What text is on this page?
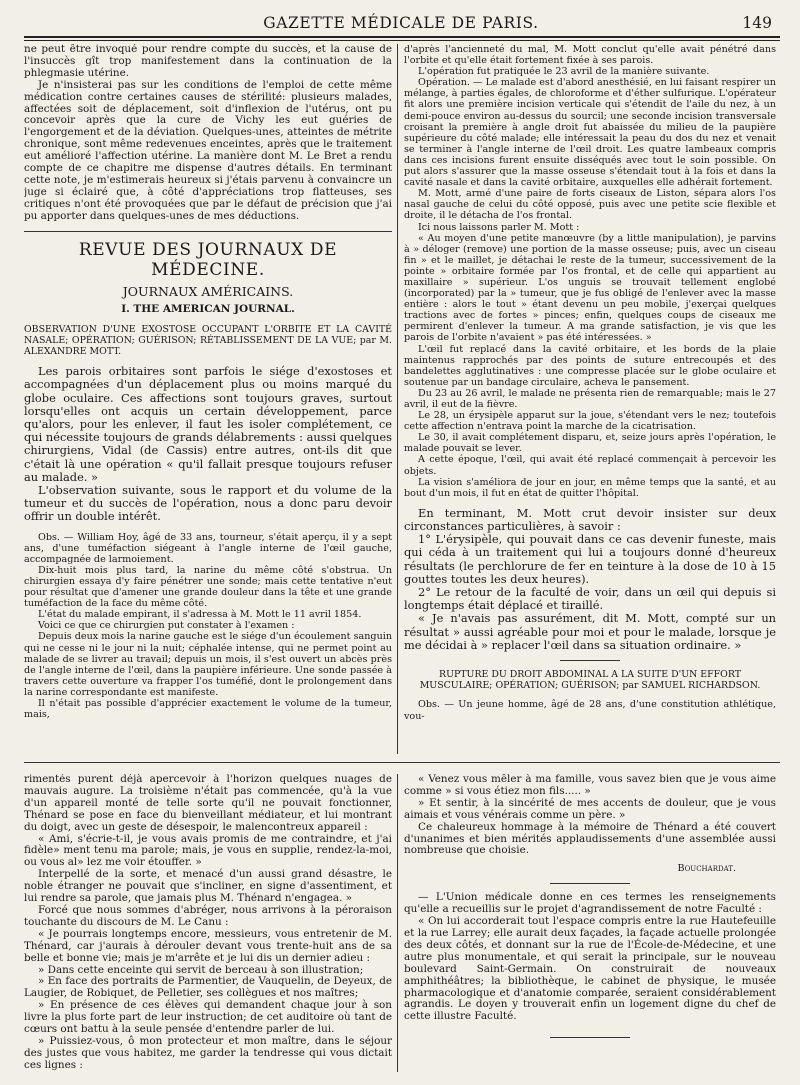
GAZETTE MÉDICALE DE PARIS.	149

ne peut être invoqué pour rendre compte du succès, et la cause de l'insuccès gît trop manifestement dans la continuation de la phlegmasie utérine.

Je n'insisterai pas sur les conditions de l'emploi de cette même médication contre certaines causes de stérilité: plusieurs malades, affectées soit de déplacement, soit d'inflexion de l'utérus, ont pu concevoir après que la cure de Vichy les eut guéries de l'engorgement et de la déviation. Quelques-unes, atteintes de métrite chronique, sont même redevenues enceintes, après que le traitement eut amélioré l'affection utérine. La manière dont M. Le Bret a rendu compte de ce chapitre me dispense d'autres détails. En terminant cette note, je m'estimerais heureux si j'étais parvenu à convaincre un juge si éclairé que, à côté d'appréciations trop flatteuses, ses critiques n'ont été provoquées que par le défaut de précision que j'ai pu apporter dans quelques-unes de mes déductions.

REVUE DES JOURNAUX DE MÉDECINE.
JOURNAUX AMÉRICAINS.
I. THE AMERICAN JOURNAL.
OBSERVATION D'UNE EXOSTOSE OCCUPANT L'ORBITE ET LA CAVITÉ NASALE; OPÉRATION; GUÉRISON; RÉTABLISSEMENT DE LA VUE; par M. ALEXANDRE MOTT.

Les parois orbitaires sont parfois le siége d'exostoses et accompagnées d'un déplacement plus ou moins marqué du globe oculaire. Ces affections sont toujours graves, surtout lorsqu'elles ont acquis un certain développement, parce qu'alors, pour les enlever, il faut les isoler complétement, ce qui nécessite toujours de grands délabrements : aussi quelques chirurgiens, Vidal (de Cassis) entre autres, ont-ils dit que c'était là une opération « qu'il fallait presque toujours refuser au malade. »

L'observation suivante, sous le rapport et du volume de la tumeur et du succès de l'opération, nous a donc paru devoir offrir un double intérêt.

Obs. — William Hoy, âgé de 33 ans, tourneur, s'était aperçu, il y a sept ans, d'une tuméfaction siégeant à l'angle interne de l'œil gauche, accompagnée de larmoiement.

Dix-huit mois plus tard, la narine du même côté s'obstrua. Un chirurgien essaya d'y faire pénétrer une sonde; mais cette tentative n'eut pour résultat que d'amener une grande douleur dans la tête et une grande tuméfaction de la face du même côté.

L'état du malade empirant, il s'adressa à M. Mott le 11 avril 1854.

Voici ce que ce chirurgien put constater à l'examen :

Depuis deux mois la narine gauche est le siége d'un écoulement sanguin qui ne cesse ni le jour ni la nuit; céphalée intense, qui ne permet point au malade de se livrer au travail; depuis un mois, il s'est ouvert un abcès près de l'angle interne de l'œil, dans la paupière inférieure. Une sonde passée à travers cette ouverture va frapper l'os tuméfié, dont le prolongement dans la narine correspondante est manifeste.

Il n'était pas possible d'apprécier exactement le volume de la tumeur, mais,

d'après l'ancienneté du mal, M. Mott conclut qu'elle avait pénétré dans l'orbite et qu'elle était fortement fixée à ses parois.

L'opération fut pratiquée le 23 avril de la manière suivante.

Opération. — Le malade est d'abord anesthésié, en lui faisant respirer un mélange, à parties égales, de chloroforme et d'éther sulfurique. L'opérateur fit alors une première incision verticale qui s'étendit de l'aile du nez, à un demi-pouce environ au-dessus du sourcil; une seconde incision transversale croisant la première à angle droit fut abaissée du milieu de la paupière supérieure du côté malade; elle intéressait la peau du dos du nez et venait se terminer à l'angle interne de l'œil droit. Les quatre lambeaux compris dans ces incisions furent ensuite disséqués avec tout le soin possible. On put alors s'assurer que la masse osseuse s'étendait tout à la fois et dans la cavité nasale et dans la cavité orbitaire, auxquelles elle adhérait fortement.

M. Mott, armé d'une paire de forts ciseaux de Liston, sépara alors l'os nasal gauche de celui du côté opposé, puis avec une petite scie flexible et droite, il le détacha de l'os frontal.

Ici nous laissons parler M. Mott :

« Au moyen d'une petite manœuvre (by a little manipulation), je parvins à » déloger (remove) une portion de la masse osseuse; puis, avec un ciseau fin » et le maillet, je détachai le reste de la tumeur, successivement de la pointe » orbitaire formée par l'os frontal, et de celle qui appartient au maxillaire » supérieur. L'os unguis se trouvait tellement englobé (incorporated) par la » tumeur, que je fus obligé de l'enlever avec la masse entière : alors le tout » étant devenu un peu mobile, j'exerçai quelques tractions avec de fortes » pinces; enfin, quelques coups de ciseaux me permirent d'enlever la tumeur. A ma grande satisfaction, je vis que les parois de l'orbite n'avaient » pas été intéressées. »

L'œil fut replacé dans la cavité orbitaire, et les bords de la plaie maintenus rapprochés par des points de suture entrecoupés et des bandelettes agglutinatives : une compresse placée sur le globe oculaire et soutenue par un bandage circulaire, acheva le pansement.

Du 23 au 26 avril, le malade ne présenta rien de remarquable; mais le 27 avril, il eut de la fièvre.

Le 28, un érysipèle apparut sur la joue, s'étendant vers le nez; toutefois cette affection n'entrava point la marche de la cicatrisation.

Le 30, il avait complétement disparu, et, seize jours après l'opération, le malade pouvait se lever.

A cette époque, l'œil, qui avait été replacé commençait à percevoir les objets.

La vision s'améliora de jour en jour, en même temps que la santé, et au bout d'un mois, il fut en état de quitter l'hôpital.

En terminant, M. Mott crut devoir insister sur deux circonstances particulières, à savoir :

1° L'érysipèle, qui pouvait dans ce cas devenir funeste, mais qui céda à un traitement qui lui a toujours donné d'heureux résultats (le perchlorure de fer en teinture à la dose de 10 à 15 gouttes toutes les deux heures).

2° Le retour de la faculté de voir, dans un œil qui depuis si longtemps était déplacé et tiraillé.

« Je n'avais pas assurément, dit M. Mott, compté sur un résultat » aussi agréable pour moi et pour le malade, lorsque je me décidai à » replacer l'œil dans sa situation ordinaire. »

RUPTURE DU DROIT ABDOMINAL A LA SUITE D'UN EFFORT MUSCULAIRE; OPÉRATION; GUÉRISON; par SAMUEL RICHARDSON.

Obs. — Un jeune homme, âgé de 28 ans, d'une constitution athlétique, vou-

rimentés purent déjà apercevoir à l'horizon quelques nuages de mauvais augure. La troisième n'était pas commencée, qu'à la vue d'un appareil monté de telle sorte qu'il ne pouvait fonctionner, Thénard se pose en face du bienveillant médiateur, et lui montrant du doigt, avec un geste de désespoir, le malencontreux appareil :

« Ami, s'écrie-t-il, je vous avais promis de me contraindre, et j'ai fidèle» ment tenu ma parole; mais, je vous en supplie, rendez-la-moi, ou vous al» lez me voir étouffer. »

Interpellé de la sorte, et menacé d'un aussi grand désastre, le noble étranger ne pouvait que s'incliner, en signe d'assentiment, et lui rendre sa parole, que jamais plus M. Thénard n'engagea. »

Forcé que nous sommes d'abréger, nous arrivons à la péroraison touchante du discours de M. Le Canu :

« Je pourrais longtemps encore, messieurs, vous entretenir de M. Thénard, car j'aurais à dérouler devant vous trente-huit ans de sa belle et bonne vie; mais je m'arrête et je lui dis un dernier adieu :

» Dans cette enceinte qui servit de berceau à son illustration;

» En face des portraits de Parmentier, de Vauquelin, de Deyeux, de Laugier, de Robiquet, de Pelletier, ses collègues et nos maîtres;

» En présence de ces élèves qui demandent chaque jour à son livre la plus forte part de leur instruction; de cet auditoire où tant de cœurs ont battu à la seule pensée d'entendre parler de lui.

» Puissiez-vous, ô mon protecteur et mon maître, dans le séjour des justes que vous habitez, me garder la tendresse qui vous dictait ces lignes :

« Venez vous mêler à ma famille, vous savez bien que je vous aime comme » si vous étiez mon fils..... »

» Et sentir, à la sincérité de mes accents de douleur, que je vous aimais et vous vénérais comme un père. »

Ce chaleureux hommage à la mémoire de Thénard a été couvert d'unanimes et bien mérités applaudissements d'une assemblée aussi nombreuse que choisie.

Bouchardat.

— L'Union médicale donne en ces termes les renseignements qu'elle a recueillis sur le projet d'agrandissement de notre Faculté :

« On lui accorderait tout l'espace compris entre la rue Hautefeuille et la rue Larrey; elle aurait deux façades, la façade actuelle prolongée des deux côtés, et donnant sur la rue de l'École-de-Médecine, et une autre plus monumentale, et qui serait la principale, sur le nouveau boulevard Saint-Germain. On construirait de nouveaux amphithéâtres; la bibliothèque, le cabinet de physique, le musée pharmacologique et d'anatomie comparée, seraient considérablement agrandis. Le doyen y trouverait enfin un logement digne du chef de cette illustre Faculté.
